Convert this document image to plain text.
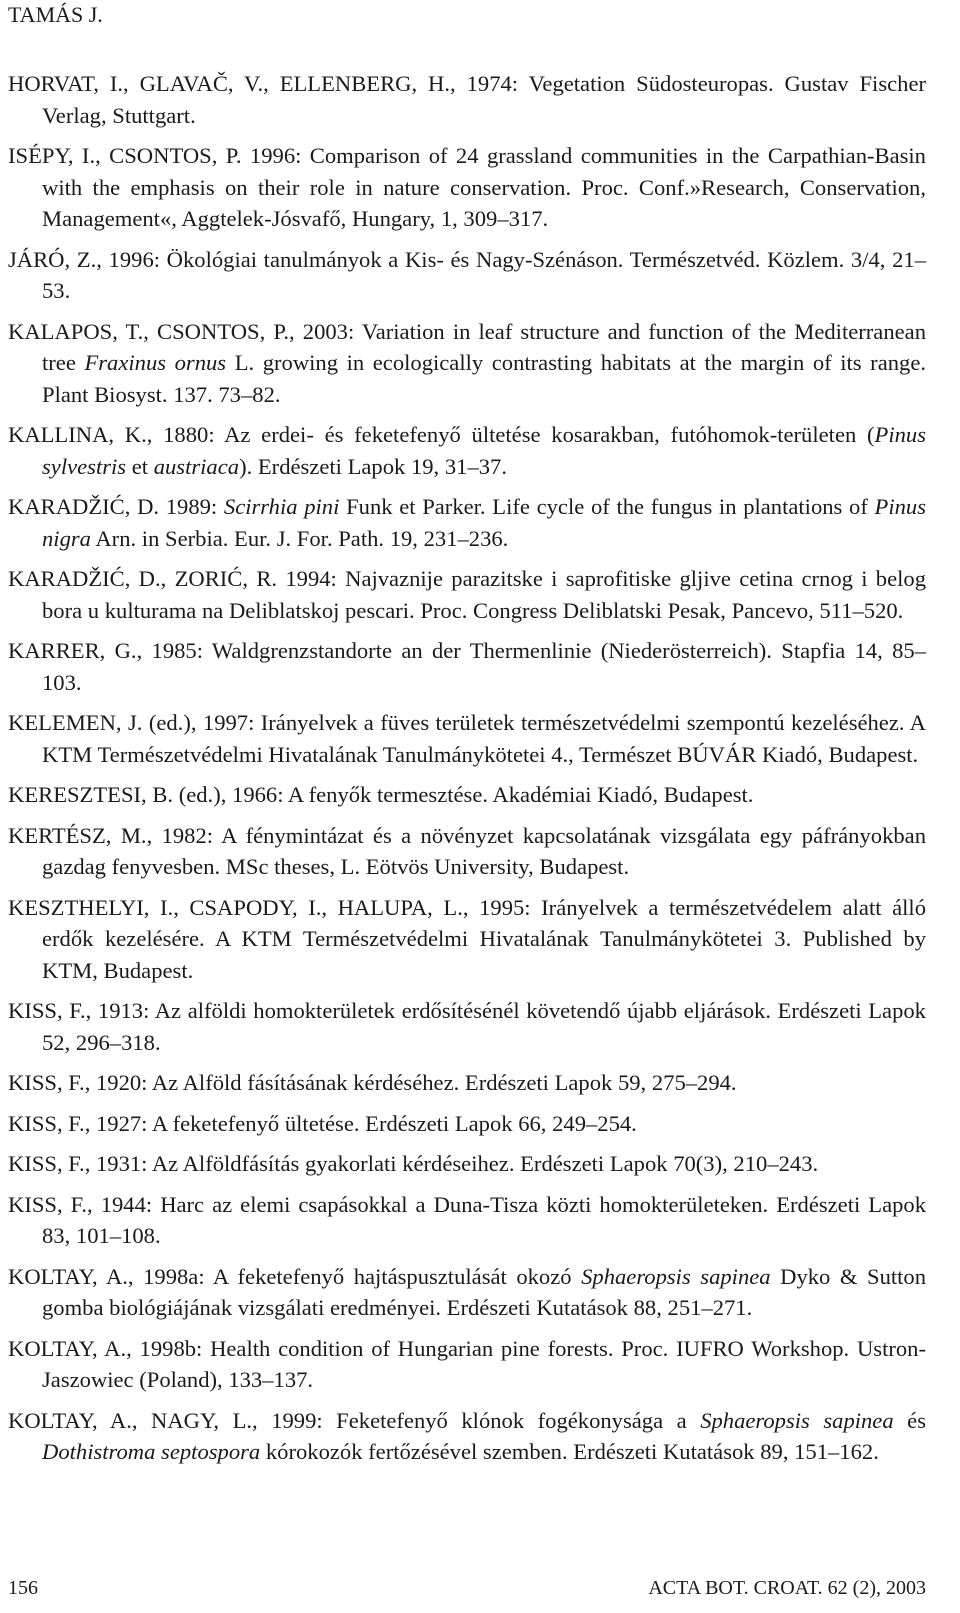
TAMÁS J.

HORVAT, I., GLAVAČ, V., ELLENBERG, H., 1974: Vegetation Südosteuropas. Gustav Fischer Verlag, Stuttgart.

ISÉPY, I., CSONTOS, P. 1996: Comparison of 24 grassland communities in the Carpathian-Basin with the emphasis on their role in nature conservation. Proc. Conf.»Research, Conservation, Management«, Aggtelek-Jósvafő, Hungary, 1, 309–317.

JÁRÓ, Z., 1996: Ökológiai tanulmányok a Kis- és Nagy-Szénáson. Természetvéd. Közlem. 3/4, 21–53.

KALAPOS, T., CSONTOS, P., 2003: Variation in leaf structure and function of the Mediterranean tree Fraxinus ornus L. growing in ecologically contrasting habitats at the margin of its range. Plant Biosyst. 137. 73–82.

KALLINA, K., 1880: Az erdei- és feketefenyő ültetése kosarakban, futóhomok-területen (Pinus sylvestris et austriaca). Erdészeti Lapok 19, 31–37.

KARADŽIĆ, D. 1989: Scirrhia pini Funk et Parker. Life cycle of the fungus in plantations of Pinus nigra Arn. in Serbia. Eur. J. For. Path. 19, 231–236.

KARADŽIĆ, D., ZORIĆ, R. 1994: Najvaznije parazitske i saprofitiske gljive cetina crnog i belog bora u kulturama na Deliblatskoj pescari. Proc. Congress Deliblatski Pesak, Pancevo, 511–520.

KARRER, G., 1985: Waldgrenzstandorte an der Thermenlinie (Niederösterreich). Stapfia 14, 85–103.

KELEMEN, J. (ed.), 1997: Irányelvek a füves területek természetvédelmi szempontú kezeléséhez. A KTM Természetvédelmi Hivatalának Tanulmánykötetei 4., Természet BÚVÁR Kiadó, Budapest.

KERESZTESI, B. (ed.), 1966: A fenyők termesztése. Akadémiai Kiadó, Budapest.

KERTÉSZ, M., 1982: A fénymintázat és a növényzet kapcsolatának vizsgálata egy páfrányokban gazdag fenyvesben. MSc theses, L. Eötvös University, Budapest.

KESZTHELYI, I., CSAPODY, I., HALUPA, L., 1995: Irányelvek a természetvédelem alatt álló erdők kezelésére. A KTM Természetvédelmi Hivatalának Tanulmánykötetei 3. Published by KTM, Budapest.

KISS, F., 1913: Az alföldi homokterületek erdősítésénél követendő újabb eljárások. Erdészeti Lapok 52, 296–318.

KISS, F., 1920: Az Alföld fásításának kérdéséhez. Erdészeti Lapok 59, 275–294.

KISS, F., 1927: A feketefenyő ültetése. Erdészeti Lapok 66, 249–254.

KISS, F., 1931: Az Alföldfásítás gyakorlati kérdéseihez. Erdészeti Lapok 70(3), 210–243.

KISS, F., 1944: Harc az elemi csapásokkal a Duna-Tisza közti homokterületeken. Erdészeti Lapok 83, 101–108.

KOLTAY, A., 1998a: A feketefenyő hajtáspusztulását okozó Sphaeropsis sapinea Dyko & Sutton gomba biológiájának vizsgálati eredményei. Erdészeti Kutatások 88, 251–271.

KOLTAY, A., 1998b: Health condition of Hungarian pine forests. Proc. IUFRO Workshop. Ustron-Jaszowiec (Poland), 133–137.

KOLTAY, A., NAGY, L., 1999: Feketefenyő klónok fogékonysága a Sphaeropsis sapinea és Dothistroma septospora kórokozók fertőzésével szemben. Erdészeti Kutatások 89, 151–162.

156	ACTA BOT. CROAT. 62 (2), 2003
